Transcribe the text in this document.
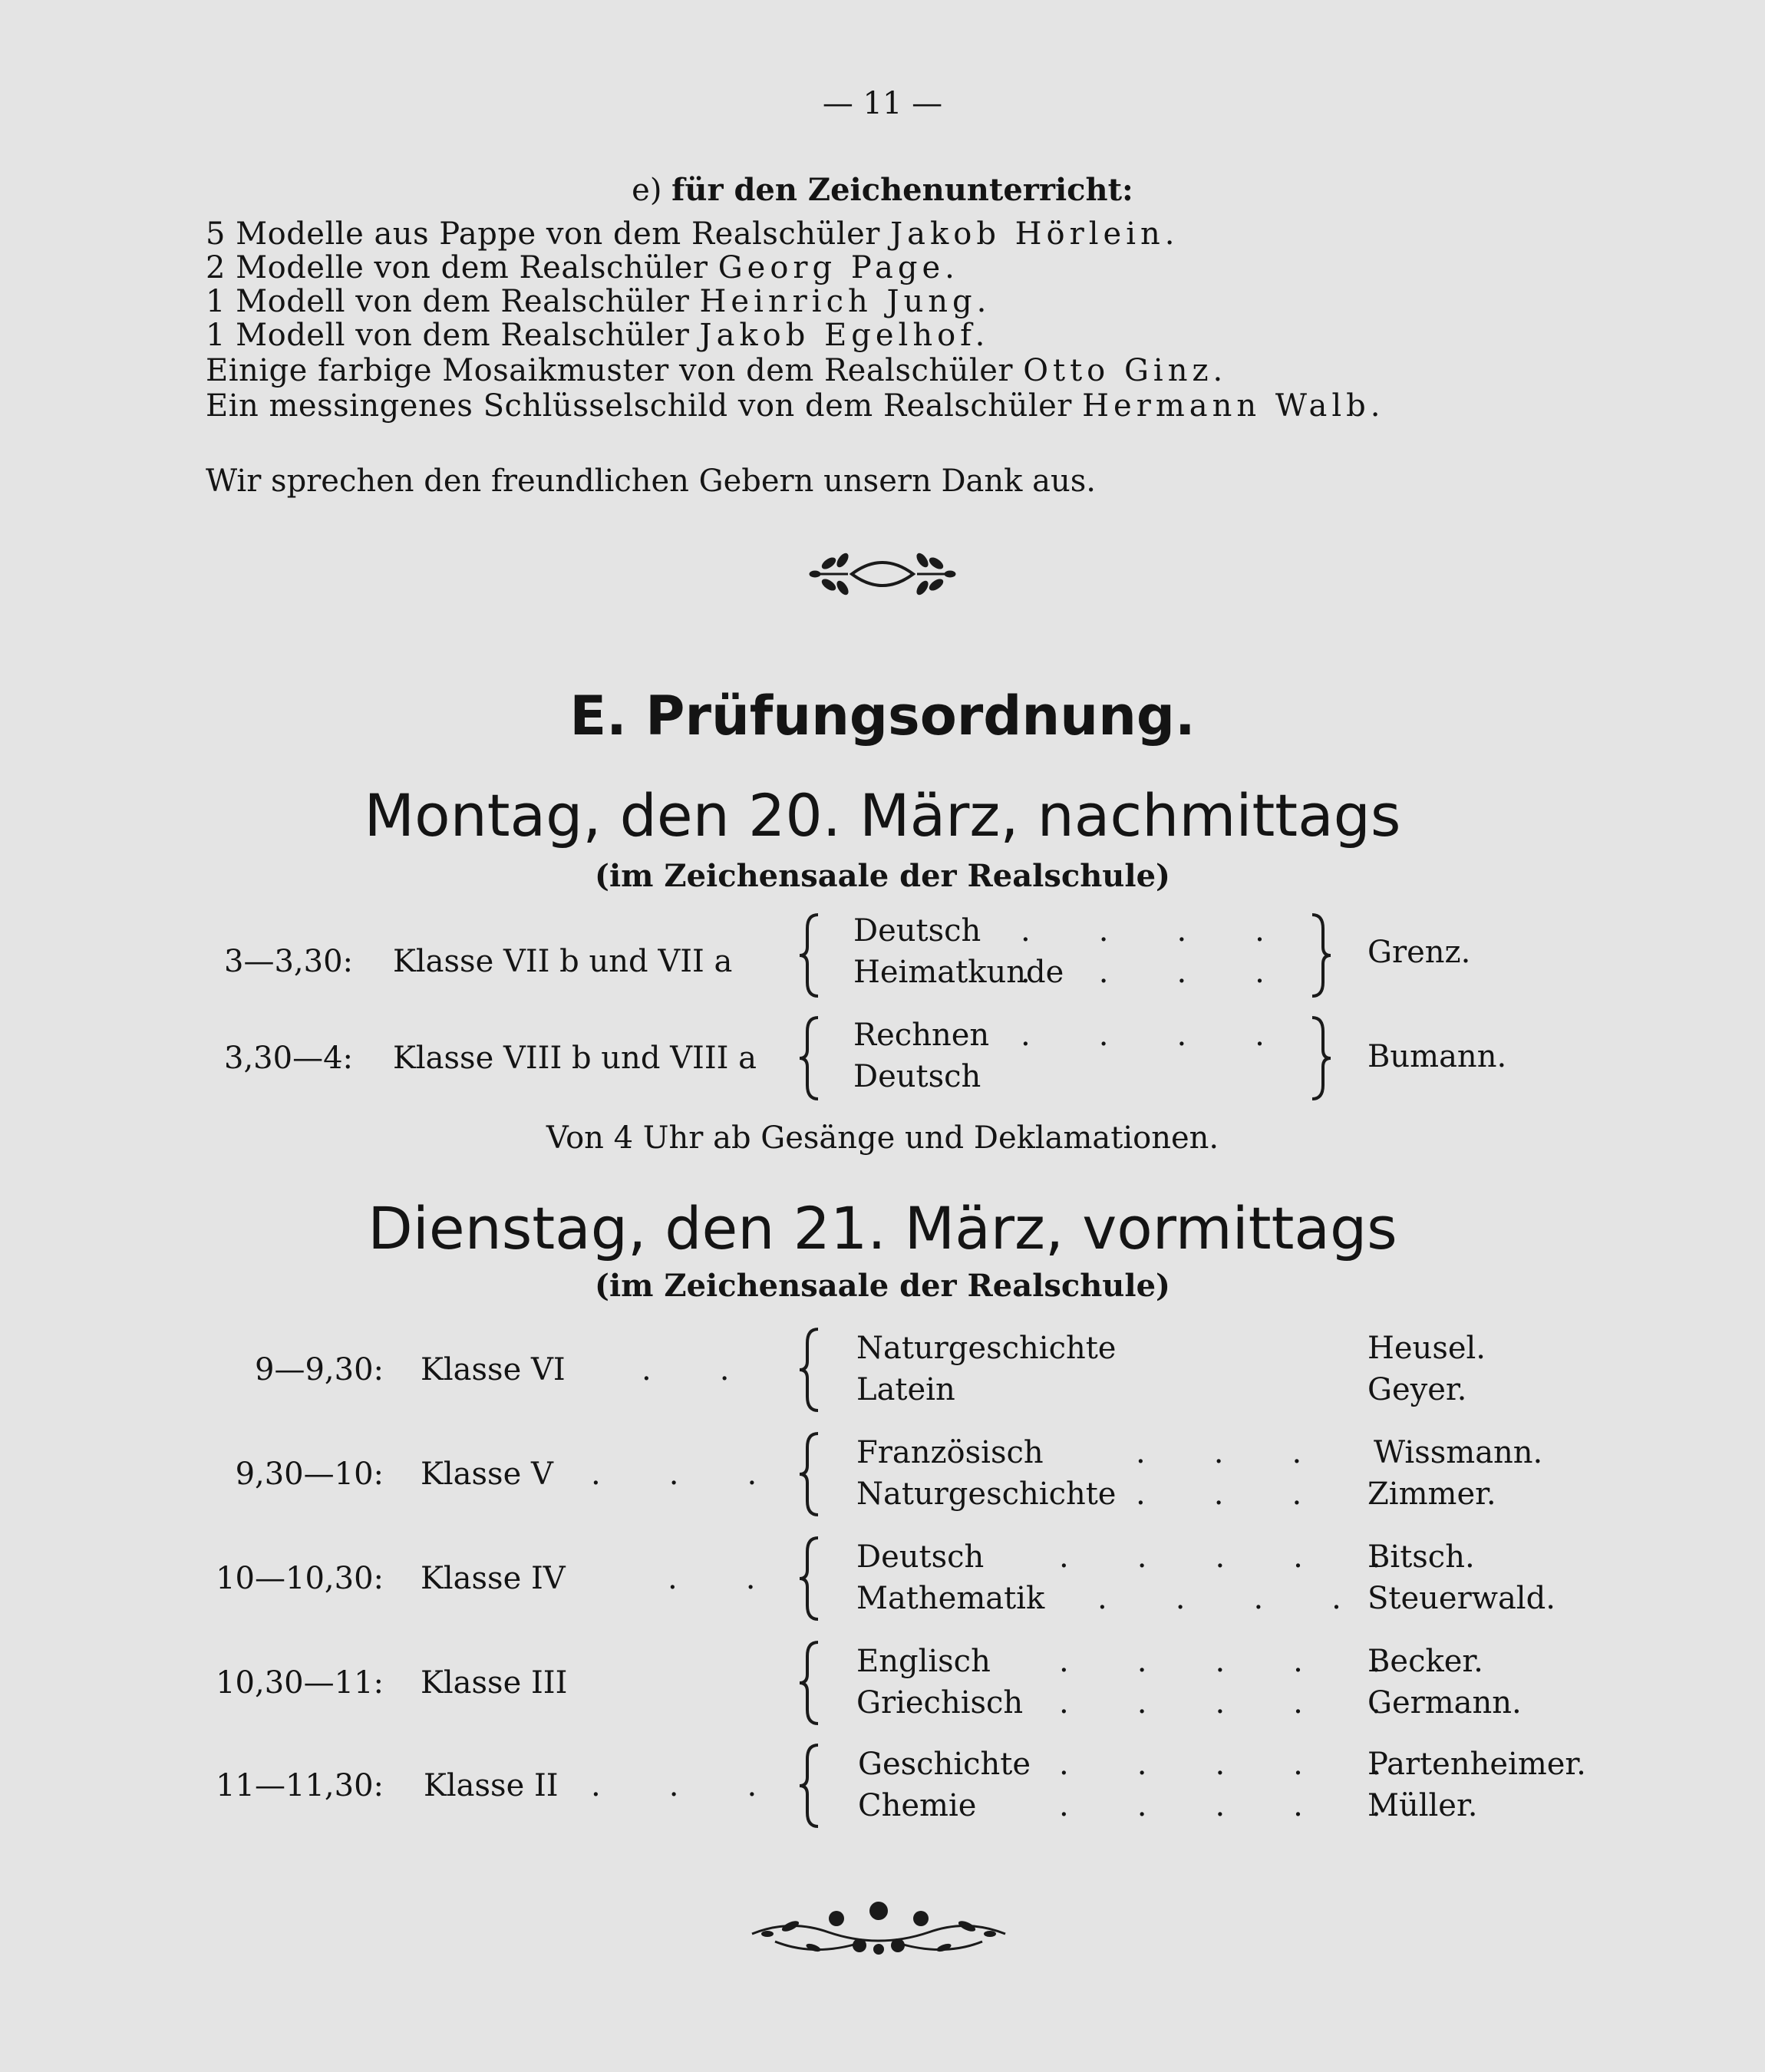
— 11 —
e) für den Zeichenunterricht:
5 Modelle aus Pappe von dem Realschüler Jakob Hörlein.
2 Modelle von dem Realschüler Georg Page.
1 Modell von dem Realschüler Heinrich Jung.
1 Modell von dem Realschüler Jakob Egelhof.
Einige farbige Mosaikmuster von dem Realschüler Otto Ginz.
Ein messingenes Schlüsselschild von dem Realschüler Hermann Walb.
Wir sprechen den freundlichen Gebern unsern Dank aus.
E. Prüfungsordnung.
Montag, den 20. März, nachmittags
(im Zeichensaale der Realschule)
3—3,30: Klasse VII b und VII a
Deutsch
Heimatkunde
.       .       .       .
.       .       .       .
Grenz.
3,30—4: Klasse VIII b und VIII a
Rechnen
Deutsch
.       .       .       .
Bumann.
Von 4 Uhr ab Gesänge und Deklamationen.
Dienstag, den 21. März, vormittags
(im Zeichensaale der Realschule)
9—9,30: Klasse VI .       .
Naturgeschichte
Latein
Heusel.
Geyer.
9,30—10: Klasse V .       .       .
Französisch
Naturgeschichte
.       .       .
.       .       .
Wissmann.
Zimmer.
10—10,30: Klasse IV	.       .
Deutsch
Mathematik
.       .       .       .       .
.       .       .       .
Bitsch.
Steuerwald.
10,30—11: Klasse III
Englisch
Griechisch
.       .       .       .       .
.       .       .       .       .
Becker.
Germann.
11—11,30: Klasse II .       .       .
Geschichte
Chemie
.       .       .       .       .
.       .       .       .       .
Partenheimer.
Müller.
